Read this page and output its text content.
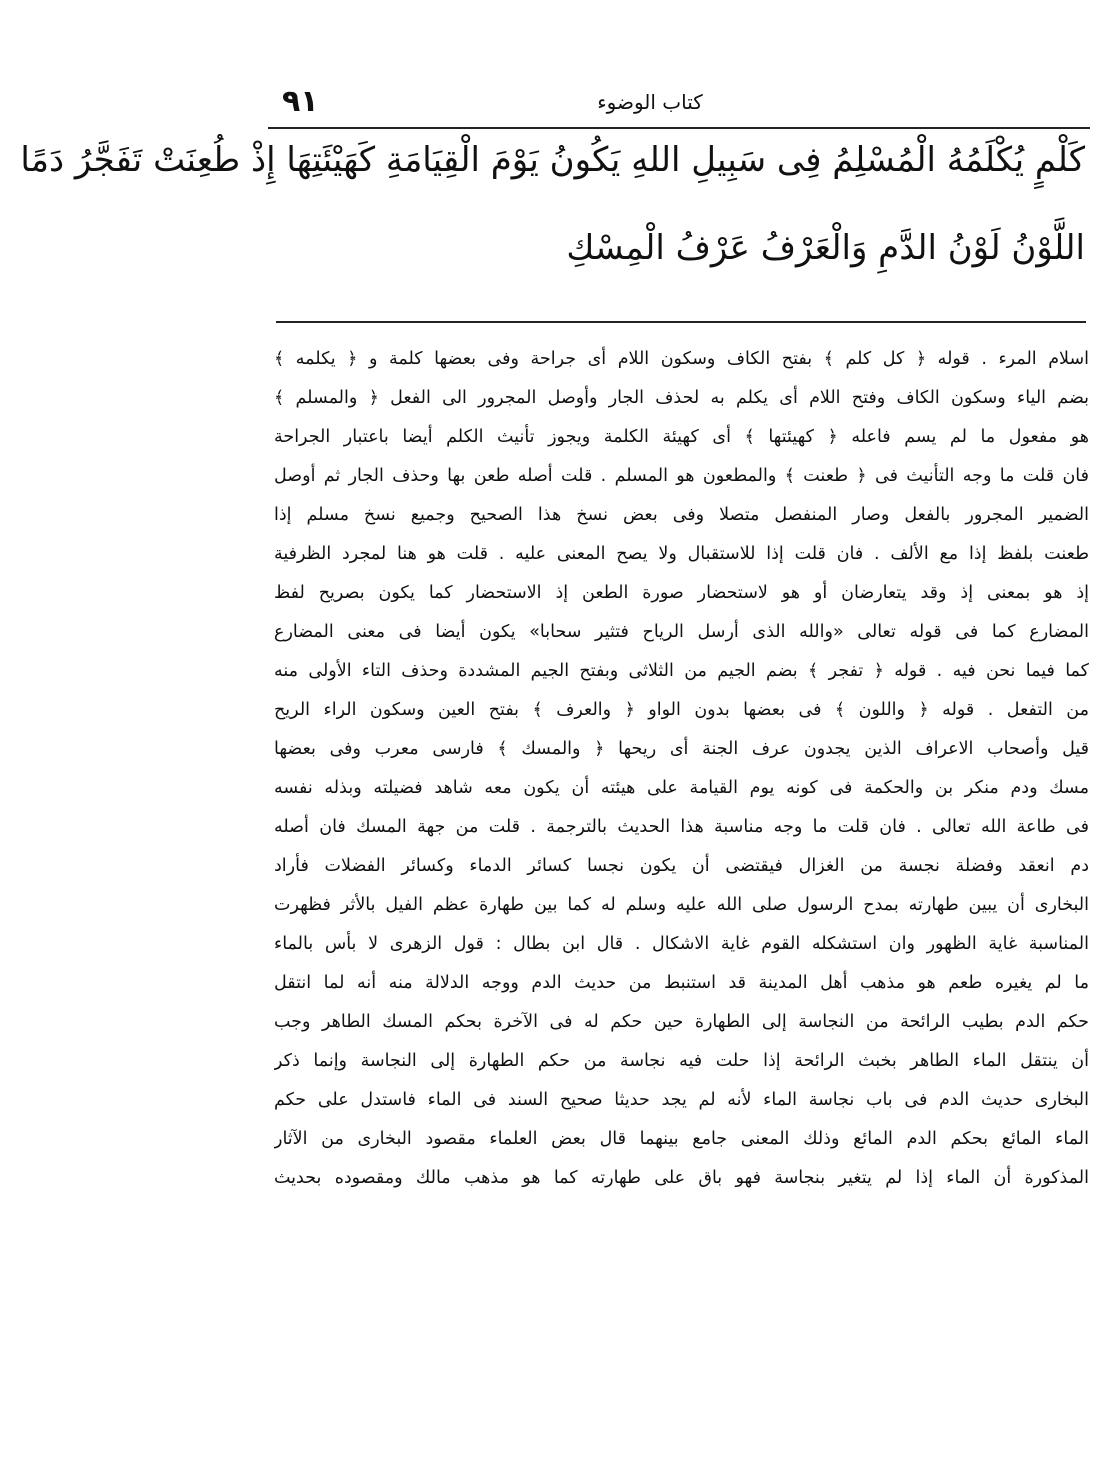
٩١	كتاب الوضوء
كَلْمٍ يُكْلَمُهُ الْمُسْلِمُ فِى سَبِيلِ اللهِ يَكُونُ يَوْمَ الْقِيَامَةِ كَهَيْئَتِهَا إِذْ طُعِنَتْ تَفَجَّرُ دَمًا
اللَّوْنُ لَوْنُ الدَّمِ وَالْعَرْفُ عَرْفُ الْمِسْكِ
اسلام المرء . قوله ﴿ كل كلم ﴾ بفتح الكاف وسكون اللام أى جراحة وفى بعضها كلمة و ﴿ يكلمه ﴾
بضم الياء وسكون الكاف وفتح اللام أى يكلم به لحذف الجار وأوصل المجرور الى الفعل ﴿ والمسلم ﴾
هو مفعول ما لم يسم فاعله ﴿ كهيئتها ﴾ أى كهيئة الكلمة ويجوز تأنيث الكلم أيضا باعتبار الجراحة
فان قلت ما وجه التأنيث فى ﴿ طعنت ﴾ والمطعون هو المسلم . قلت أصله طعن بها وحذف الجار ثم أوصل
الضمير المجرور بالفعل وصار المنفصل متصلا وفى بعض نسخ هذا الصحيح وجميع نسخ مسلم إذا
طعنت بلفظ إذا مع الألف . فان قلت إذا للاستقبال ولا يصح المعنى عليه . قلت هو هنا لمجرد الظرفية
إذ هو بمعنى إذ وقد يتعارضان أو هو لاستحضار صورة الطعن إذ الاستحضار كما يكون بصريح لفظ
المضارع كما فى قوله تعالى «والله الذى أرسل الرياح فتثير سحابا» يكون أيضا فى معنى المضارع
كما فيما نحن فيه . قوله ﴿ تفجر ﴾ بضم الجيم من الثلاثى وبفتح الجيم المشددة وحذف التاء الأولى منه
من التفعل . قوله ﴿ واللون ﴾ فى بعضها بدون الواو ﴿ والعرف ﴾ بفتح العين وسكون الراء الريح
قيل وأصحاب الاعراف الذين يجدون عرف الجنة أى ريحها ﴿ والمسك ﴾ فارسى معرب وفى بعضها
مسك ودم منكر بن والحكمة فى كونه يوم القيامة على هيئته أن يكون معه شاهد فضيلته وبذله نفسه
فى طاعة الله تعالى . فان قلت ما وجه مناسبة هذا الحديث بالترجمة . قلت من جهة المسك فان أصله
دم انعقد وفضلة نجسة من الغزال فيقتضى أن يكون نجسا كسائر الدماء وكسائر الفضلات فأراد
البخارى أن يبين طهارته بمدح الرسول صلى الله عليه وسلم له كما بين طهارة عظم الفيل بالأثر فظهرت
المناسبة غاية الظهور وان استشكله القوم غاية الاشكال . قال ابن بطال : قول الزهرى لا بأس بالماء
ما لم يغيره طعم هو مذهب أهل المدينة قد استنبط من حديث الدم ووجه الدلالة منه أنه لما انتقل
حكم الدم بطيب الرائحة من النجاسة إلى الطهارة حين حكم له فى الآخرة بحكم المسك الطاهر وجب
أن ينتقل الماء الطاهر بخبث الرائحة إذا حلت فيه نجاسة من حكم الطهارة إلى النجاسة وإنما ذكر
البخارى حديث الدم فى باب نجاسة الماء لأنه لم يجد حديثا صحيح السند فى الماء فاستدل على حكم
الماء المائع بحكم الدم المائع وذلك المعنى جامع بينهما قال بعض العلماء مقصود البخارى من الآثار
المذكورة أن الماء إذا لم يتغير بنجاسة فهو باق على طهارته كما هو مذهب مالك ومقصوده بحديث
